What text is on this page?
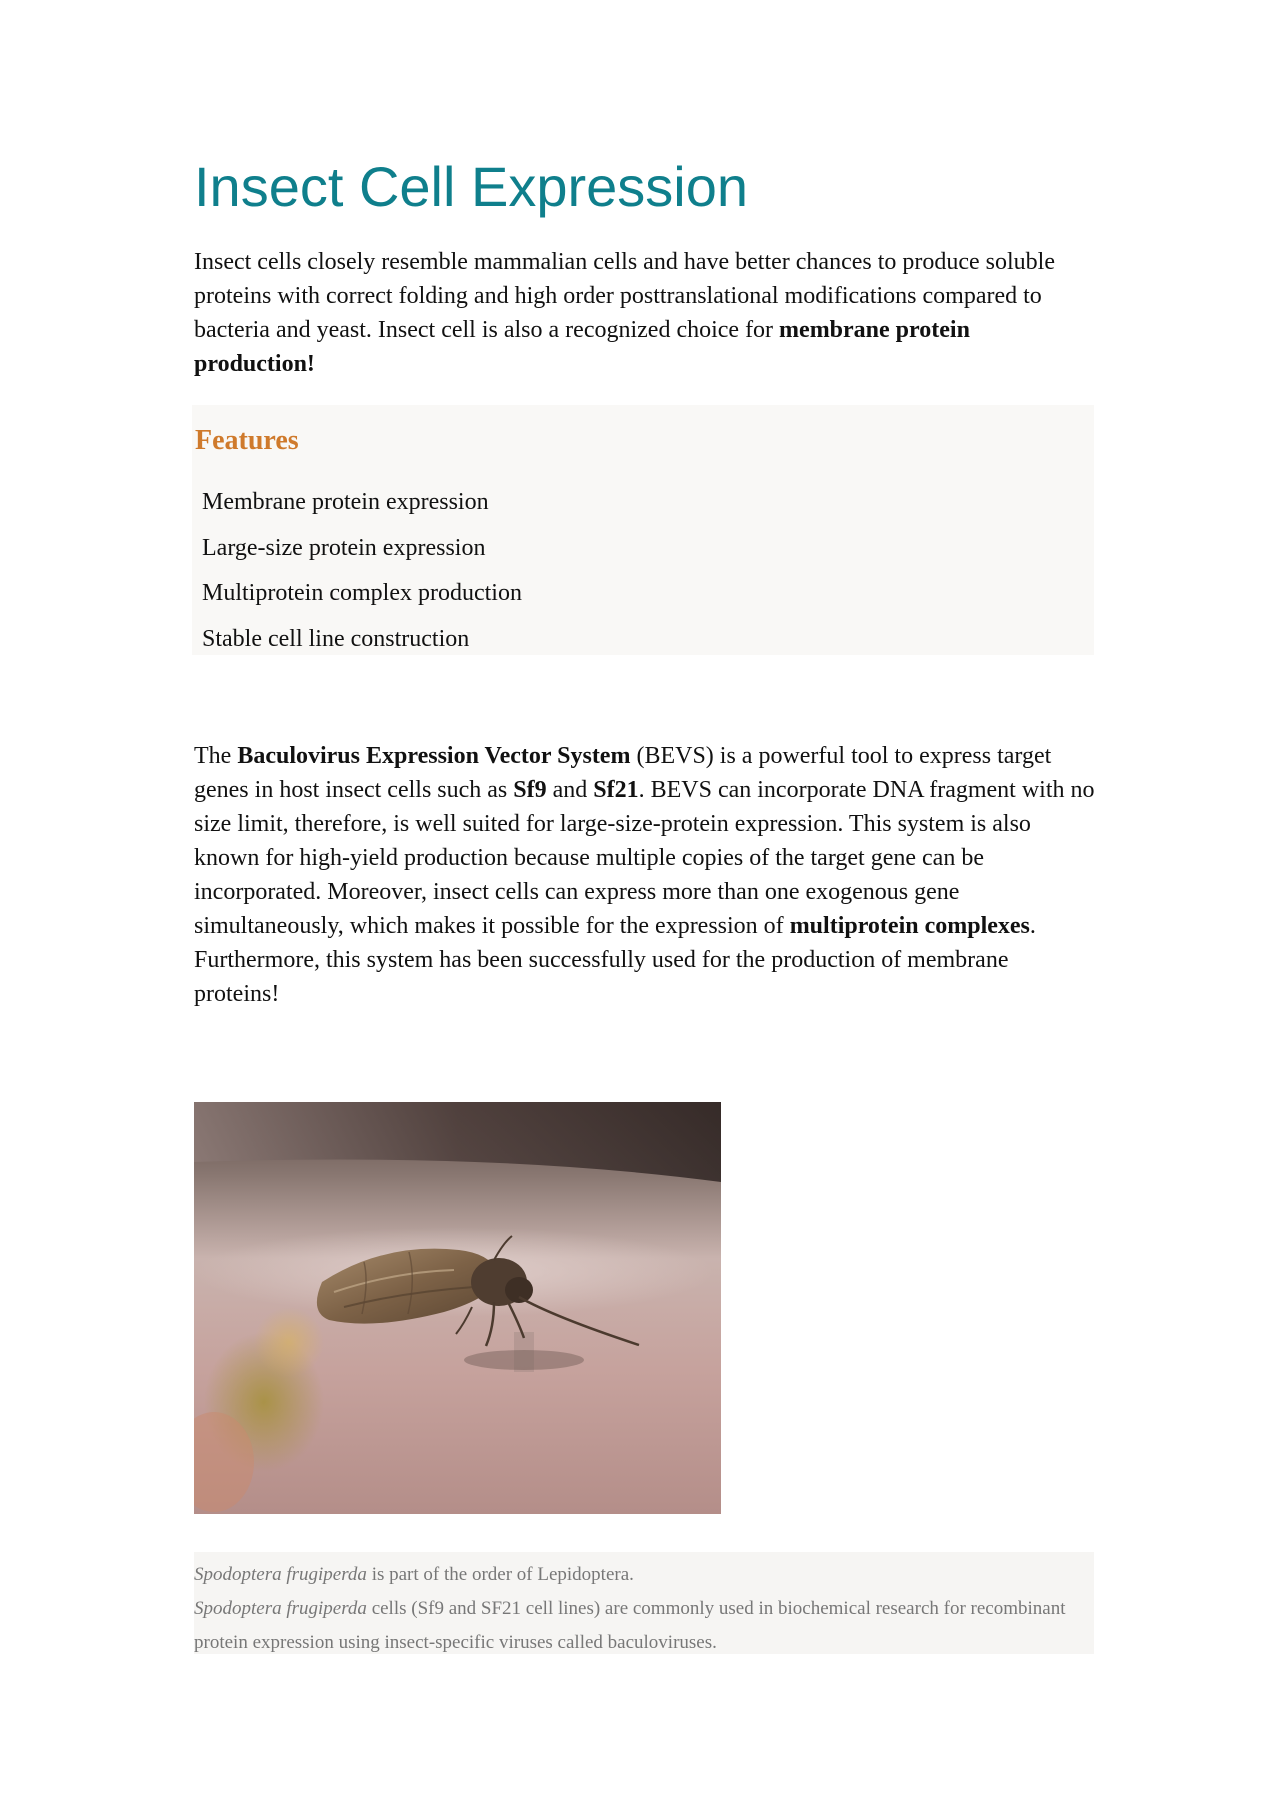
Insect Cell Expression

Insect cells closely resemble mammalian cells and have better chances to produce soluble proteins with correct folding and high order posttranslational modifications compared to bacteria and yeast. Insect cell is also a recognized choice for membrane protein production!

Features
Membrane protein expression
Large-size protein expression
Multiprotein complex production
Stable cell line construction

The Baculovirus Expression Vector System (BEVS) is a powerful tool to express target genes in host insect cells such as Sf9 and Sf21. BEVS can incorporate DNA fragment with no size limit, therefore, is well suited for large-size-protein expression. This system is also known for high-yield production because multiple copies of the target gene can be incorporated. Moreover, insect cells can express more than one exogenous gene simultaneously, which makes it possible for the expression of multiprotein complexes. Furthermore, this system has been successfully used for the production of membrane proteins!

Spodoptera frugiperda is part of the order of Lepidoptera.
Spodoptera frugiperda cells (Sf9 and SF21 cell lines) are commonly used in biochemical research for recombinant protein expression using insect-specific viruses called baculoviruses.
